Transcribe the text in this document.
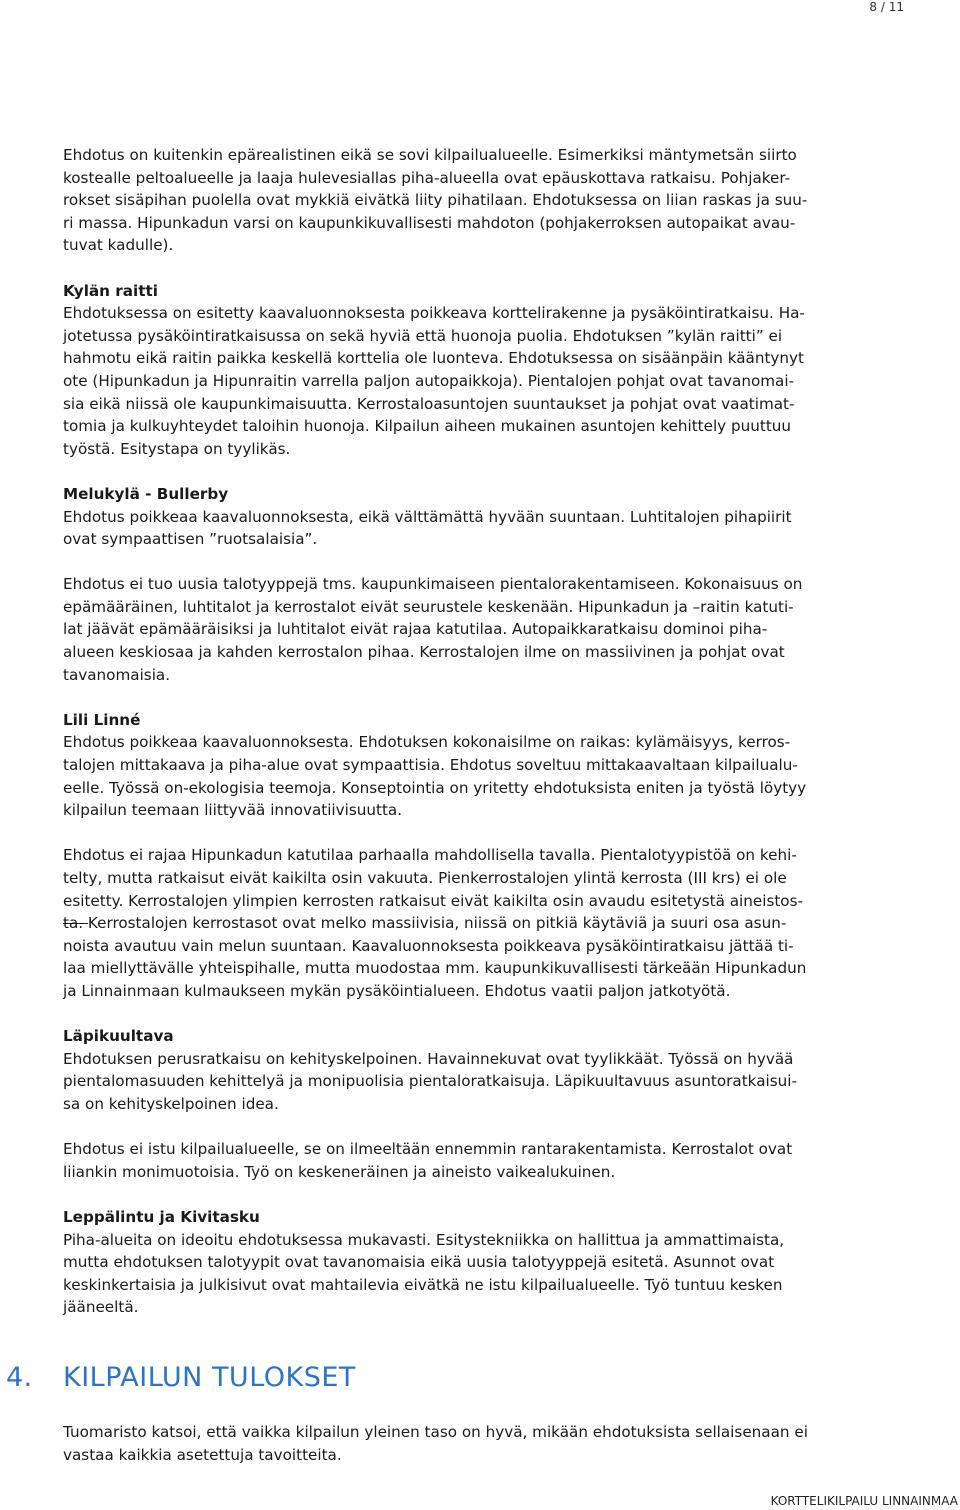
8 / 11
Ehdotus on kuitenkin epärealistinen eikä se sovi kilpailualueelle. Esimerkiksi mäntymetsän siirto
kostealle peltoalueelle ja laaja hulevesiallas piha-alueella ovat epäuskottava ratkaisu. Pohjaker-
rokset sisäpihan puolella ovat mykkiä eivätkä liity pihatilaan. Ehdotuksessa on liian raskas ja suu-
ri massa. Hipunkadun varsi on kaupunkikuvallisesti mahdoton (pohjakerroksen autopaikat avau-
tuvat kadulle).
Kylän raitti
Ehdotuksessa on esitetty kaavaluonnoksesta poikkeava korttelirakenne ja pysäköintiratkaisu. Ha-
jotetussa pysäköintiratkaisussa on sekä hyviä että huonoja puolia. Ehdotuksen ”kylän raitti” ei
hahmotu eikä raitin paikka keskellä korttelia ole luonteva. Ehdotuksessa on sisäänpäin kääntynyt
ote (Hipunkadun ja Hipunraitin varrella paljon autopaikkoja). Pientalojen pohjat ovat tavanomai-
sia eikä niissä ole kaupunkimaisuutta. Kerrostaloasuntojen suuntaukset ja pohjat ovat vaatimat-
tomia ja kulkuyhteydet taloihin huonoja. Kilpailun aiheen mukainen asuntojen kehittely puuttuu
työstä. Esitystapa on tyylikäs.
Melukylä - Bullerby
Ehdotus poikkeaa kaavaluonnoksesta, eikä välttämättä hyvään suuntaan. Luhtitalojen pihapiirit
ovat sympaattisen ”ruotsalaisia”.
Ehdotus ei tuo uusia talotyyppejä tms. kaupunkimaiseen pientalorakentamiseen. Kokonaisuus on
epämääräinen, luhtitalot ja kerrostalot eivät seurustele keskenään. Hipunkadun ja –raitin katuti-
lat jäävät epämääräisiksi ja luhtitalot eivät rajaa katutilaa. Autopaikkaratkaisu dominoi piha-
alueen keskiosaa ja kahden kerrostalon pihaa. Kerrostalojen ilme on massiivinen ja pohjat ovat
tavanomaisia.
Lili Linné
Ehdotus poikkeaa kaavaluonnoksesta. Ehdotuksen kokonaisilme on raikas: kylämäisyys, kerros-
talojen mittakaava ja piha-alue ovat sympaattisia. Ehdotus soveltuu mittakaavaltaan kilpailualu-
eelle. Työssä on-ekologisia teemoja. Konseptointia on yritetty ehdotuksista eniten ja työstä löytyy
kilpailun teemaan liittyvää innovatiivisuutta.
Ehdotus ei rajaa Hipunkadun katutilaa parhaalla mahdollisella tavalla. Pientalotyypistöä on kehi-
telty, mutta ratkaisut eivät kaikilta osin vakuuta. Pienkerrostalojen ylintä kerrosta (III krs) ei ole
esitetty. Kerrostalojen ylimpien kerrosten ratkaisut eivät kaikilta osin avaudu esitetystä aineistos-
ta. Kerrostalojen kerrostasot ovat melko massiivisia, niissä on pitkiä käytäviä ja suuri osa asun-
noista avautuu vain melun suuntaan. Kaavaluonnoksesta poikkeava pysäköintiratkaisu jättää ti-
laa miellyttävälle yhteispihalle, mutta muodostaa mm. kaupunkikuvallisesti tärkeään Hipunkadun
ja Linnainmaan kulmaukseen mykän pysäköintialueen. Ehdotus vaatii paljon jatkotyötä.
Läpikuultava
Ehdotuksen perusratkaisu on kehityskelpoinen. Havainnekuvat ovat tyylikkäät. Työssä on hyvää
pientalomasuuden kehittelyä ja monipuolisia pientaloratkaisuja. Läpikuultavuus asuntoratkaisui-
sa on kehityskelpoinen idea.
Ehdotus ei istu kilpailualueelle, se on ilmeeltään ennemmin rantarakentamista. Kerrostalot ovat
liiankin monimuotoisia. Työ on keskeneräinen ja aineisto vaikealukuinen.
Leppälintu ja Kivitasku
Piha-alueita on ideoitu ehdotuksessa mukavasti. Esitystekniikka on hallittua ja ammattimaista,
mutta ehdotuksen talotyypit ovat tavanomaisia eikä uusia talotyyppejä esitetä. Asunnot ovat
keskinkertaisia ja julkisivut ovat mahtailevia eivätkä ne istu kilpailualueelle. Työ tuntuu kesken
jääneeltä.
4. KILPAILUN TULOKSET
Tuomaristo katsoi, että vaikka kilpailun yleinen taso on hyvä, mikään ehdotuksista sellaisenaan ei
vastaa kaikkia asetettuja tavoitteita.
KORTTELIKILPAILU LINNAINMAA
